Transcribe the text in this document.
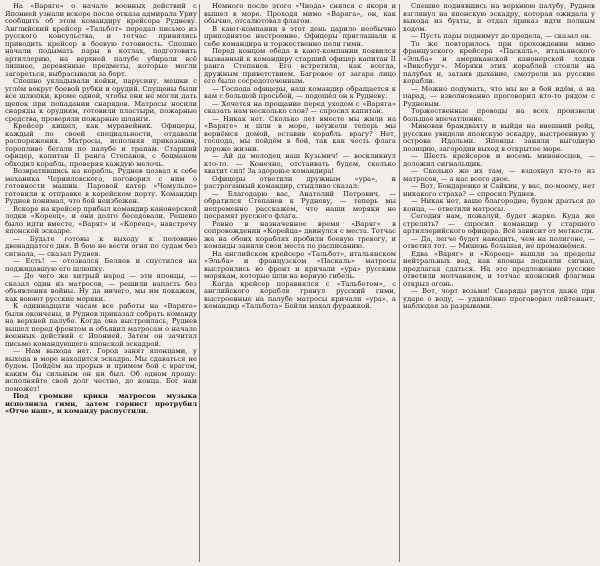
На «Варяге» о начале военных действий с Японией узнали вскоре после отказа адмирала Уриу сообщить об этом командиру крейсера Рудневу. Английский крейсер «Тальбот» передал письмо из русского консульства, и тотчас принялись приводить крейсер в боевую готовность. Спешно начали подымать пары в котлах, подготовить артиллерию, на верхней палубе убирали всё лишнее, деревянные предметы, которые могли загореться, выбрасывали за борт.

Спешно укладывали койки, парусину, мешки с углём вокруг боевой рубки и орудий. Спущены были все шлюпки, кроме одной, чтобы они не могли дать щепок при попадании снарядов. Матросы носили снаряды к орудиям, готовили пластыри, пожарные средства, проверяли пожарные шланги.

Крейсер кишел, как муравейник. Офицеры, каждый по своей специальности, отдавали распоряжения. Матросы, исполняя приказания, торопливо бегали по палубе и трапам. Старший офицер, капитан II ранга Степанов, с боцманом обходил корабль, проверяя каждую мелочь.

Возвратившись на корабль, Руднев позвал к себе механика Черниловского, поговорил с ним о готовности машин. Паровой катер «Чемульпо» готовили к отправке в корейском порту. Командир Руднев понимал, что бой неизбежен.

Вскоре на крейсер прибыл командир канонерской лодки «Кореец», и они долго беседовали. Решено было идти вместе, «Варяг» и «Кореец», навстречу японской эскадре.

— Будьте готовы к выходу к половине двенадцатого дня. В бою не вести огня по судам без сигнала, — сказал Руднев.

— Есть! — отозвался Беляев и спустился на поджидавшую его шлюпку.

— До чего же хитрый народ — эти японцы, — сказал один из матросов, — решили напасть без объявления войны. Ну да ничего, мы им покажем, как воюют русские моряки.

К одиннадцати часам все работы на «Варяге» были окончены, и Руднев приказал собрать команду на верхней палубе. Когда она выстроилась, Руднев вышел перед фронтом и объявил матросам о начале военных действий с Японией. Затем он зачитал письмо командующего японской эскадрой.

— Нам выхода нет. Город занят японцами, у выхода в море находится эскадра. Мы сдаваться не будем. Пойдём на прорыв и примем бой с врагом, каким бы сильным он ни был. Об одном прошу: исполняйте свой долг честно, до конца. Бог нам поможет!

Под громкие крики матросов музыка исполнила гимн, затем горнист протрубил «Отче наш», и команду распустили.

Немного после этого «Чиода» снялся с якоря и вышел в море. Проходя мимо «Варяга», он, как обычно, отсалютовал флагом.

В кают-компании в этот день царило необычно приподнятое настроение. Офицеры приглашали к себе командира и торжественно пели гимн.

Перед концом обеда в кают-компании появился вызванный к командиру старший офицер капитан II ранга Степанов. Его встретили, как всегда, дружным приветствием. Багровое от загара лицо его было сосредоточенным.

— Господа офицеры, наш командир обращается к вам с большой просьбой, — подошёл он к Рудневу.

— Хочется на прощание перед уходом с «Варяга» сказать нам несколько слов? — спросил капитан.

— Никак нет. Сколько лет вместе мы жили на «Варяге» и шли в море, неужели теперь мы вернёмся домой, оставив корабль врагу? Нет, господа, мы пойдём в бой, так как честь флага дороже жизни.

— Ай да молодец наш Кузьмич! — воскликнул кто-то. — Конечно, отстаивать будем, сколько хватит сил! За здоровье командира!

Офицеры ответили дружным «ура», и растроганный командир, стыдливо сказал:

— Благодарю вас, Анатолий Петрович, — обратился Степанов к Рудневу, — теперь мы непременно расскажем, что наши моряки не посрамят русского флага.

Ровно в назначенное время «Варяг» в сопровождении «Корейца» двинулся с места. Тотчас же на обоих кораблях пробили боевую тревогу, и команды заняли свои места по расписанию.

На английском крейсере «Тальбот», итальянском «Эльба» и французском «Паскаль» матросы выстроились во фронт и кричали «ура» русским морякам, которые шли на верную гибель.

Когда крейсер поравнялся с «Тальботом», с английского корабля грянул русский гимн, выстроенные на палубе матросы кричали «ура», а командир «Тальбота» Бейли махал фуражкой.

Спешно поднявшись на верхнюю палубу, Руднев взглянул на японскую эскадру, которая ожидала у выхода из бухты, и отдал приказ идти полным ходом.

— Пусть пары поднимут до предела, — сказал он.

То же повторилось при прохождении мимо французского крейсера «Паскаль», итальянского «Эльба» и американской канонерской лодки «Виксбург». Моряки этих кораблей стояли на палубах и, затаив дыхание, смотрели на русские корабли.

— Можно подумать, что мы не в бой идём, а на парад, — взволнованно проговорил кто-то рядом с Рудневым.

Торжественные проводы на всех произвели большое впечатление.

Миновав брандвахту и выйдя на внешний рейд, русские увидели японскую эскадру, выстроенную у острова Идольми. Японцы заняли выгодную позицию, загородив выход в открытое море.

— Шесть крейсеров и восемь миноносцев, — доложил сигнальщик.

— Сколько же их там, — вздохнул кто-то из матросов, — а нас всего двое.

— Вот, Бондаренко и Сайкин, у вас, по-моему, нет никакого страха? — спросил Руднев.

— Никак нет, ваше благородие, будем драться до конца, — ответили матросы.

Сегодня нам, пожалуй, будет жарко. Куда же стрелять? — спросил командир у старшего артиллерийского офицера. Всё зависит от меткости.

— Да, легче будет наводить, чем на полигоне, — ответил тот. — Мишень большая, не промахнёмся.

Едва «Варяг» и «Кореец» вышли за пределы нейтральных вод, как японцы подняли сигнал, предлагая сдаться. На это предложение русские ответили молчанием, и тотчас японский флагман открыл огонь.

— Вот, чорт возьми! Снаряды рвутся даже при ударе о воду, — удивлённо проговорил лейтенант, наблюдая за разрывами.
